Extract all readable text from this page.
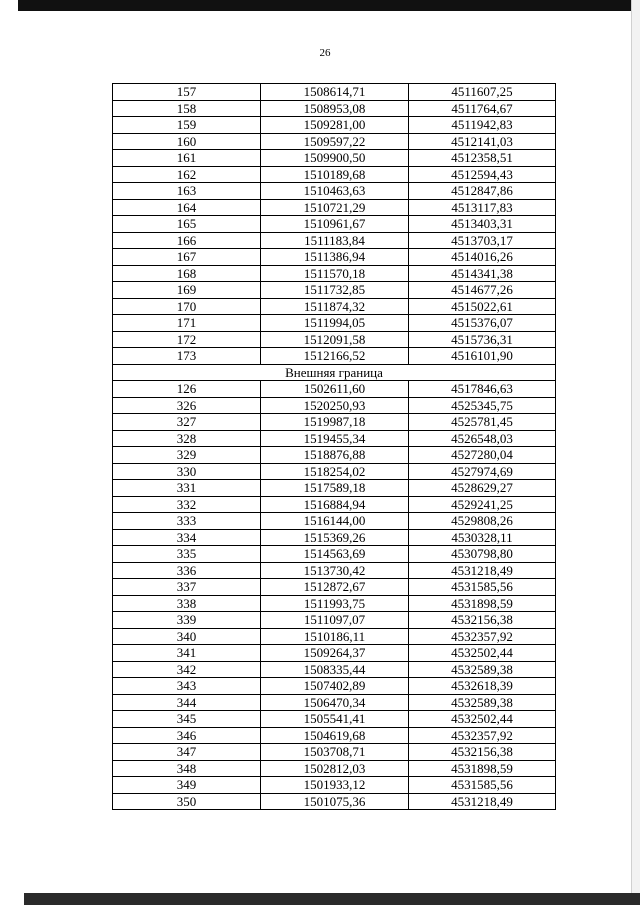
26
157	1508614,71	4511607,25
158	1508953,08	4511764,67
159	1509281,00	4511942,83
160	1509597,22	4512141,03
161	1509900,50	4512358,51
162	1510189,68	4512594,43
163	1510463,63	4512847,86
164	1510721,29	4513117,83
165	1510961,67	4513403,31
166	1511183,84	4513703,17
167	1511386,94	4514016,26
168	1511570,18	4514341,38
169	1511732,85	4514677,26
170	1511874,32	4515022,61
171	1511994,05	4515376,07
172	1512091,58	4515736,31
173	1512166,52	4516101,90
Внешняя граница		
126	1502611,60	4517846,63
326	1520250,93	4525345,75
327	1519987,18	4525781,45
328	1519455,34	4526548,03
329	1518876,88	4527280,04
330	1518254,02	4527974,69
331	1517589,18	4528629,27
332	1516884,94	4529241,25
333	1516144,00	4529808,26
334	1515369,26	4530328,11
335	1514563,69	4530798,80
336	1513730,42	4531218,49
337	1512872,67	4531585,56
338	1511993,75	4531898,59
339	1511097,07	4532156,38
340	1510186,11	4532357,92
341	1509264,37	4532502,44
342	1508335,44	4532589,38
343	1507402,89	4532618,39
344	1506470,34	4532589,38
345	1505541,41	4532502,44
346	1504619,68	4532357,92
347	1503708,71	4532156,38
348	1502812,03	4531898,59
349	1501933,12	4531585,56
350	1501075,36	4531218,49
